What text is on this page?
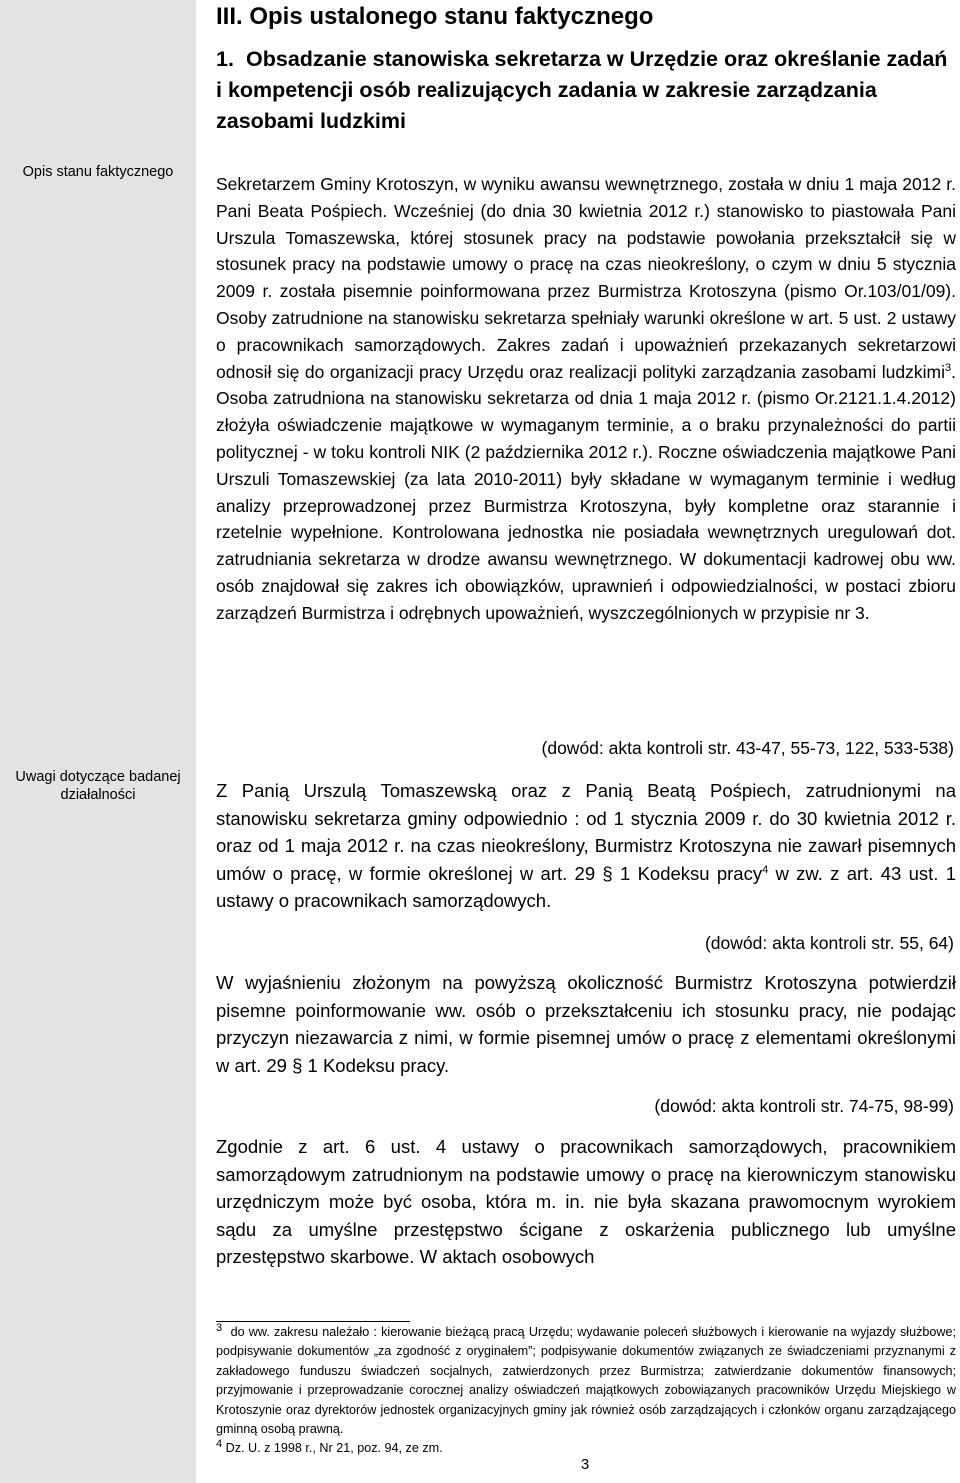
Opis stanu faktycznego
Uwagi dotyczące badanej działalności
III. Opis ustalonego stanu faktycznego
1. Obsadzanie stanowiska sekretarza w Urzędzie oraz określanie zadań i kompetencji osób realizujących zadania w zakresie zarządzania zasobami ludzkimi
Sekretarzem Gminy Krotoszyn, w wyniku awansu wewnętrznego, została w dniu 1 maja 2012 r. Pani Beata Pośpiech. Wcześniej (do dnia 30 kwietnia 2012 r.) stanowisko to piastowała Pani Urszula Tomaszewska, której stosunek pracy na podstawie powołania przekształcił się w stosunek pracy na podstawie umowy o pracę na czas nieokreślony, o czym w dniu 5 stycznia 2009 r. została pisemnie poinformowana przez Burmistrza Krotoszyna (pismo Or.103/01/09). Osoby zatrudnione na stanowisku sekretarza spełniały warunki określone w art. 5 ust. 2 ustawy o pracownikach samorządowych. Zakres zadań i upoważnień przekazanych sekretarzowi odnosił się do organizacji pracy Urzędu oraz realizacji polityki zarządzania zasobami ludzkimi$^3$. Osoba zatrudniona na stanowisku sekretarza od dnia 1 maja 2012 r. (pismo Or.2121.1.4.2012) złożyła oświadczenie majątkowe w wymaganym terminie, a o braku przynależności do partii politycznej - w toku kontroli NIK (2 października 2012 r.). Roczne oświadczenia majątkowe Pani Urszuli Tomaszewskiej (za lata 2010-2011) były składane w wymaganym terminie i według analizy przeprowadzonej przez Burmistrza Krotoszyna, były kompletne oraz starannie i rzetelnie wypełnione. Kontrolowana jednostka nie posiadała wewnętrznych uregulowań dot. zatrudniania sekretarza w drodze awansu wewnętrznego. W dokumentacji kadrowej obu ww. osób znajdował się zakres ich obowiązków, uprawnień i odpowiedzialności, w postaci zbioru zarządzeń Burmistrza i odrębnych upoważnień, wyszczególnionych w przypisie nr 3.
(dowód: akta kontroli str. 43-47, 55-73, 122, 533-538)
Z Panią Urszulą Tomaszewską oraz z Panią Beatą Pośpiech, zatrudnionymi na stanowisku sekretarza gminy odpowiednio : od 1 stycznia 2009 r. do 30 kwietnia 2012 r. oraz od 1 maja 2012 r. na czas nieokreślony, Burmistrz Krotoszyna nie zawarł pisemnych umów o pracę, w formie określonej w art. 29 § 1 Kodeksu pracy$^4$ w zw. z art. 43 ust. 1 ustawy o pracownikach samorządowych.
(dowód: akta kontroli str. 55, 64)
W wyjaśnieniu złożonym na powyższą okoliczność Burmistrz Krotoszyna potwierdził pisemne poinformowanie ww. osób o przekształceniu ich stosunku pracy, nie podając przyczyn niezawarcia z nimi, w formie pisemnej umów o pracę z elementami określonymi w art. 29 § 1 Kodeksu pracy.
(dowód: akta kontroli str. 74-75, 98-99)
Zgodnie z art. 6 ust. 4 ustawy o pracownikach samorządowych, pracownikiem samorządowym zatrudnionym na podstawie umowy o pracę na kierowniczym stanowisku urzędniczym może być osoba, która m. in. nie była skazana prawomocnym wyrokiem sądu za umyślne przestępstwo ścigane z oskarżenia publicznego lub umyślne przestępstwo skarbowe. W aktach osobowych
$^3$ do ww. zakresu należało : kierowanie bieżącą pracą Urzędu; wydawanie poleceń służbowych i kierowanie na wyjazdy służbowe; podpisywanie dokumentów „za zgodność z oryginałem”; podpisywanie dokumentów związanych ze świadczeniami przyznanymi z zakładowego funduszu świadczeń socjalnych, zatwierdzonych przez Burmistrza; zatwierdzanie dokumentów finansowych; przyjmowanie i przeprowadzanie corocznej analizy oświadczeń majątkowych zobowiązanych pracowników Urzędu Miejskiego w Krotoszynie oraz dyrektorów jednostek organizacyjnych gminy jak również osób zarządzających i członków organu zarządzającego gminną osobą prawną.
$^4$ Dz. U. z 1998 r., Nr 21, poz. 94, ze zm.
3
